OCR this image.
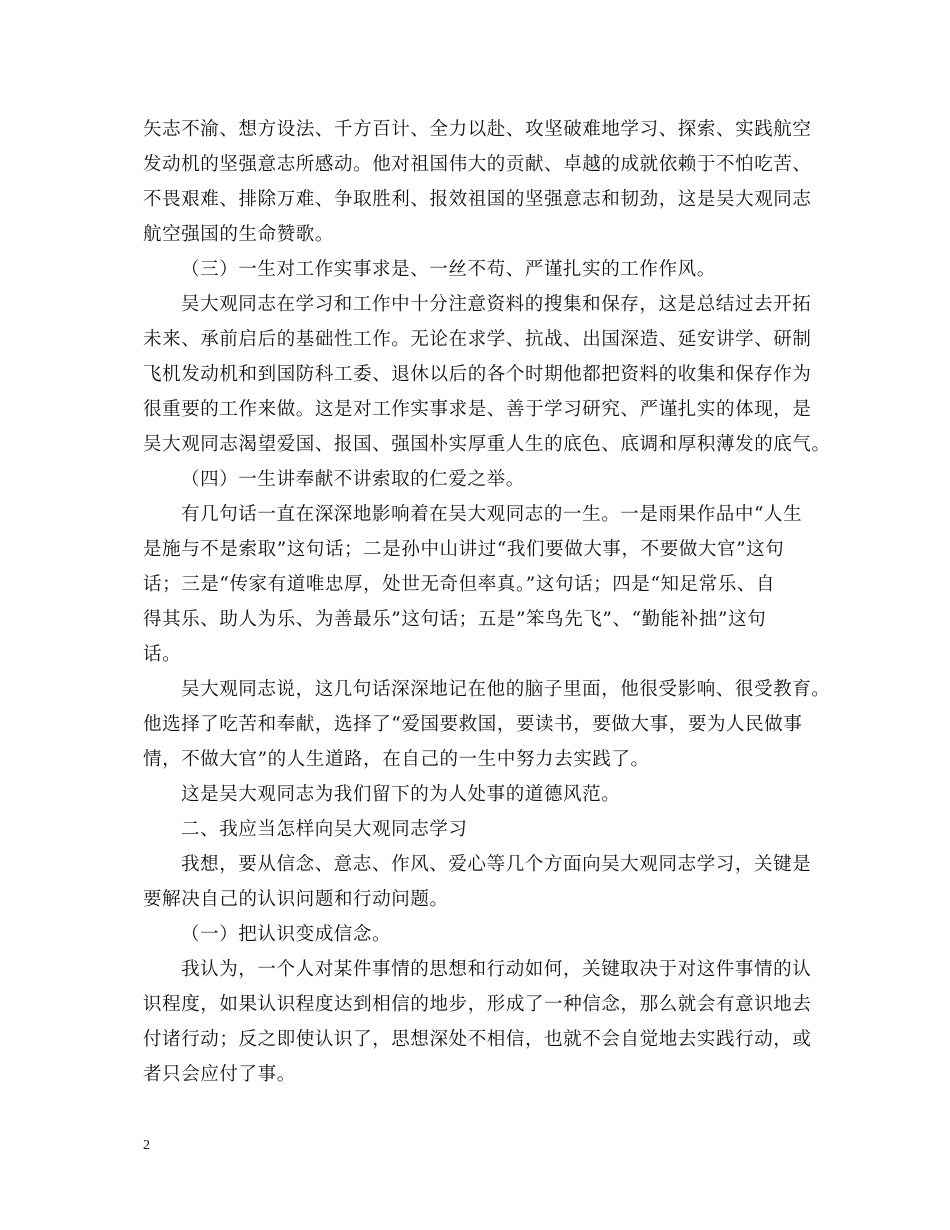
矢志不渝、想方设法、千方百计、全力以赴、攻坚破难地学习、探索、实践航空
发动机的坚强意志所感动。他对祖国伟大的贡献、卓越的成就依赖于不怕吃苦、
不畏艰难、排除万难、争取胜利、报效祖国的坚强意志和韧劲，这是吴大观同志
航空强国的生命赞歌。
（三）一生对工作实事求是、一丝不苟、严谨扎实的工作作风。
吴大观同志在学习和工作中十分注意资料的搜集和保存，这是总结过去开拓
未来、承前启后的基础性工作。无论在求学、抗战、出国深造、延安讲学、研制
飞机发动机和到国防科工委、退休以后的各个时期他都把资料的收集和保存作为
很重要的工作来做。这是对工作实事求是、善于学习研究、严谨扎实的体现，是
吴大观同志渴望爱国、报国、强国朴实厚重人生的底色、底调和厚积薄发的底气。
（四）一生讲奉献不讲索取的仁爱之举。
有几句话一直在深深地影响着在吴大观同志的一生。一是雨果作品中“人生
是施与不是索取”这句话；二是孙中山讲过“我们要做大事，不要做大官”这句
话；三是“传家有道唯忠厚，处世无奇但率真。”这句话；四是“知足常乐、自
得其乐、助人为乐、为善最乐”这句话；五是”笨鸟先飞”、“勤能补拙”这句
话。
吴大观同志说，这几句话深深地记在他的脑子里面，他很受影响、很受教育。
他选择了吃苦和奉献，选择了“爱国要救国，要读书，要做大事，要为人民做事
情，不做大官”的人生道路，在自己的一生中努力去实践了。
这是吴大观同志为我们留下的为人处事的道德风范。
二、我应当怎样向吴大观同志学习
我想，要从信念、意志、作风、爱心等几个方面向吴大观同志学习，关键是
要解决自己的认识问题和行动问题。
（一）把认识变成信念。
我认为，一个人对某件事情的思想和行动如何，关键取决于对这件事情的认
识程度，如果认识程度达到相信的地步，形成了一种信念，那么就会有意识地去
付诸行动；反之即使认识了，思想深处不相信，也就不会自觉地去实践行动，或
者只会应付了事。
2
